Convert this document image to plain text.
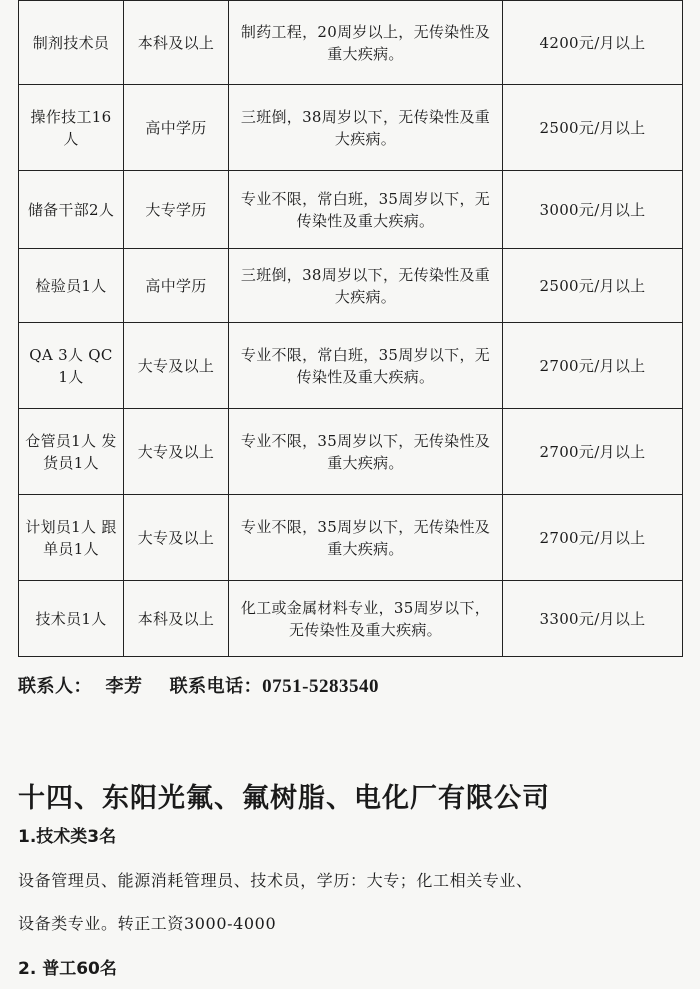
制剂技术员	本科及以上	制药工程，20周岁以上，无传染性及重大疾病。	4200元/月以上
操作技工16人	高中学历	三班倒，38周岁以下，无传染性及重大疾病。	2500元/月以上
储备干部2人	大专学历	专业不限，常白班，35周岁以下，无传染性及重大疾病。	3000元/月以上
检验员1人	高中学历	三班倒，38周岁以下，无传染性及重大疾病。	2500元/月以上
QA 3人 QC 1人	大专及以上	专业不限，常白班，35周岁以下，无传染性及重大疾病。	2700元/月以上
仓管员1人 发货员1人	大专及以上	专业不限，35周岁以下，无传染性及重大疾病。	2700元/月以上
计划员1人 跟单员1人	大专及以上	专业不限，35周岁以下，无传染性及重大疾病。	2700元/月以上
技术员1人	本科及以上	化工或金属材料专业，35周岁以下，无传染性及重大疾病。	3300元/月以上
联系人： 李芳 联系电话：0751-5283540
十四、东阳光氟、氟树脂、电化厂有限公司
1.技术类3名
设备管理员、能源消耗管理员、技术员，学历：大专；化工相关专业、
设备类专业。转正工资3000-4000
2. 普工60名
